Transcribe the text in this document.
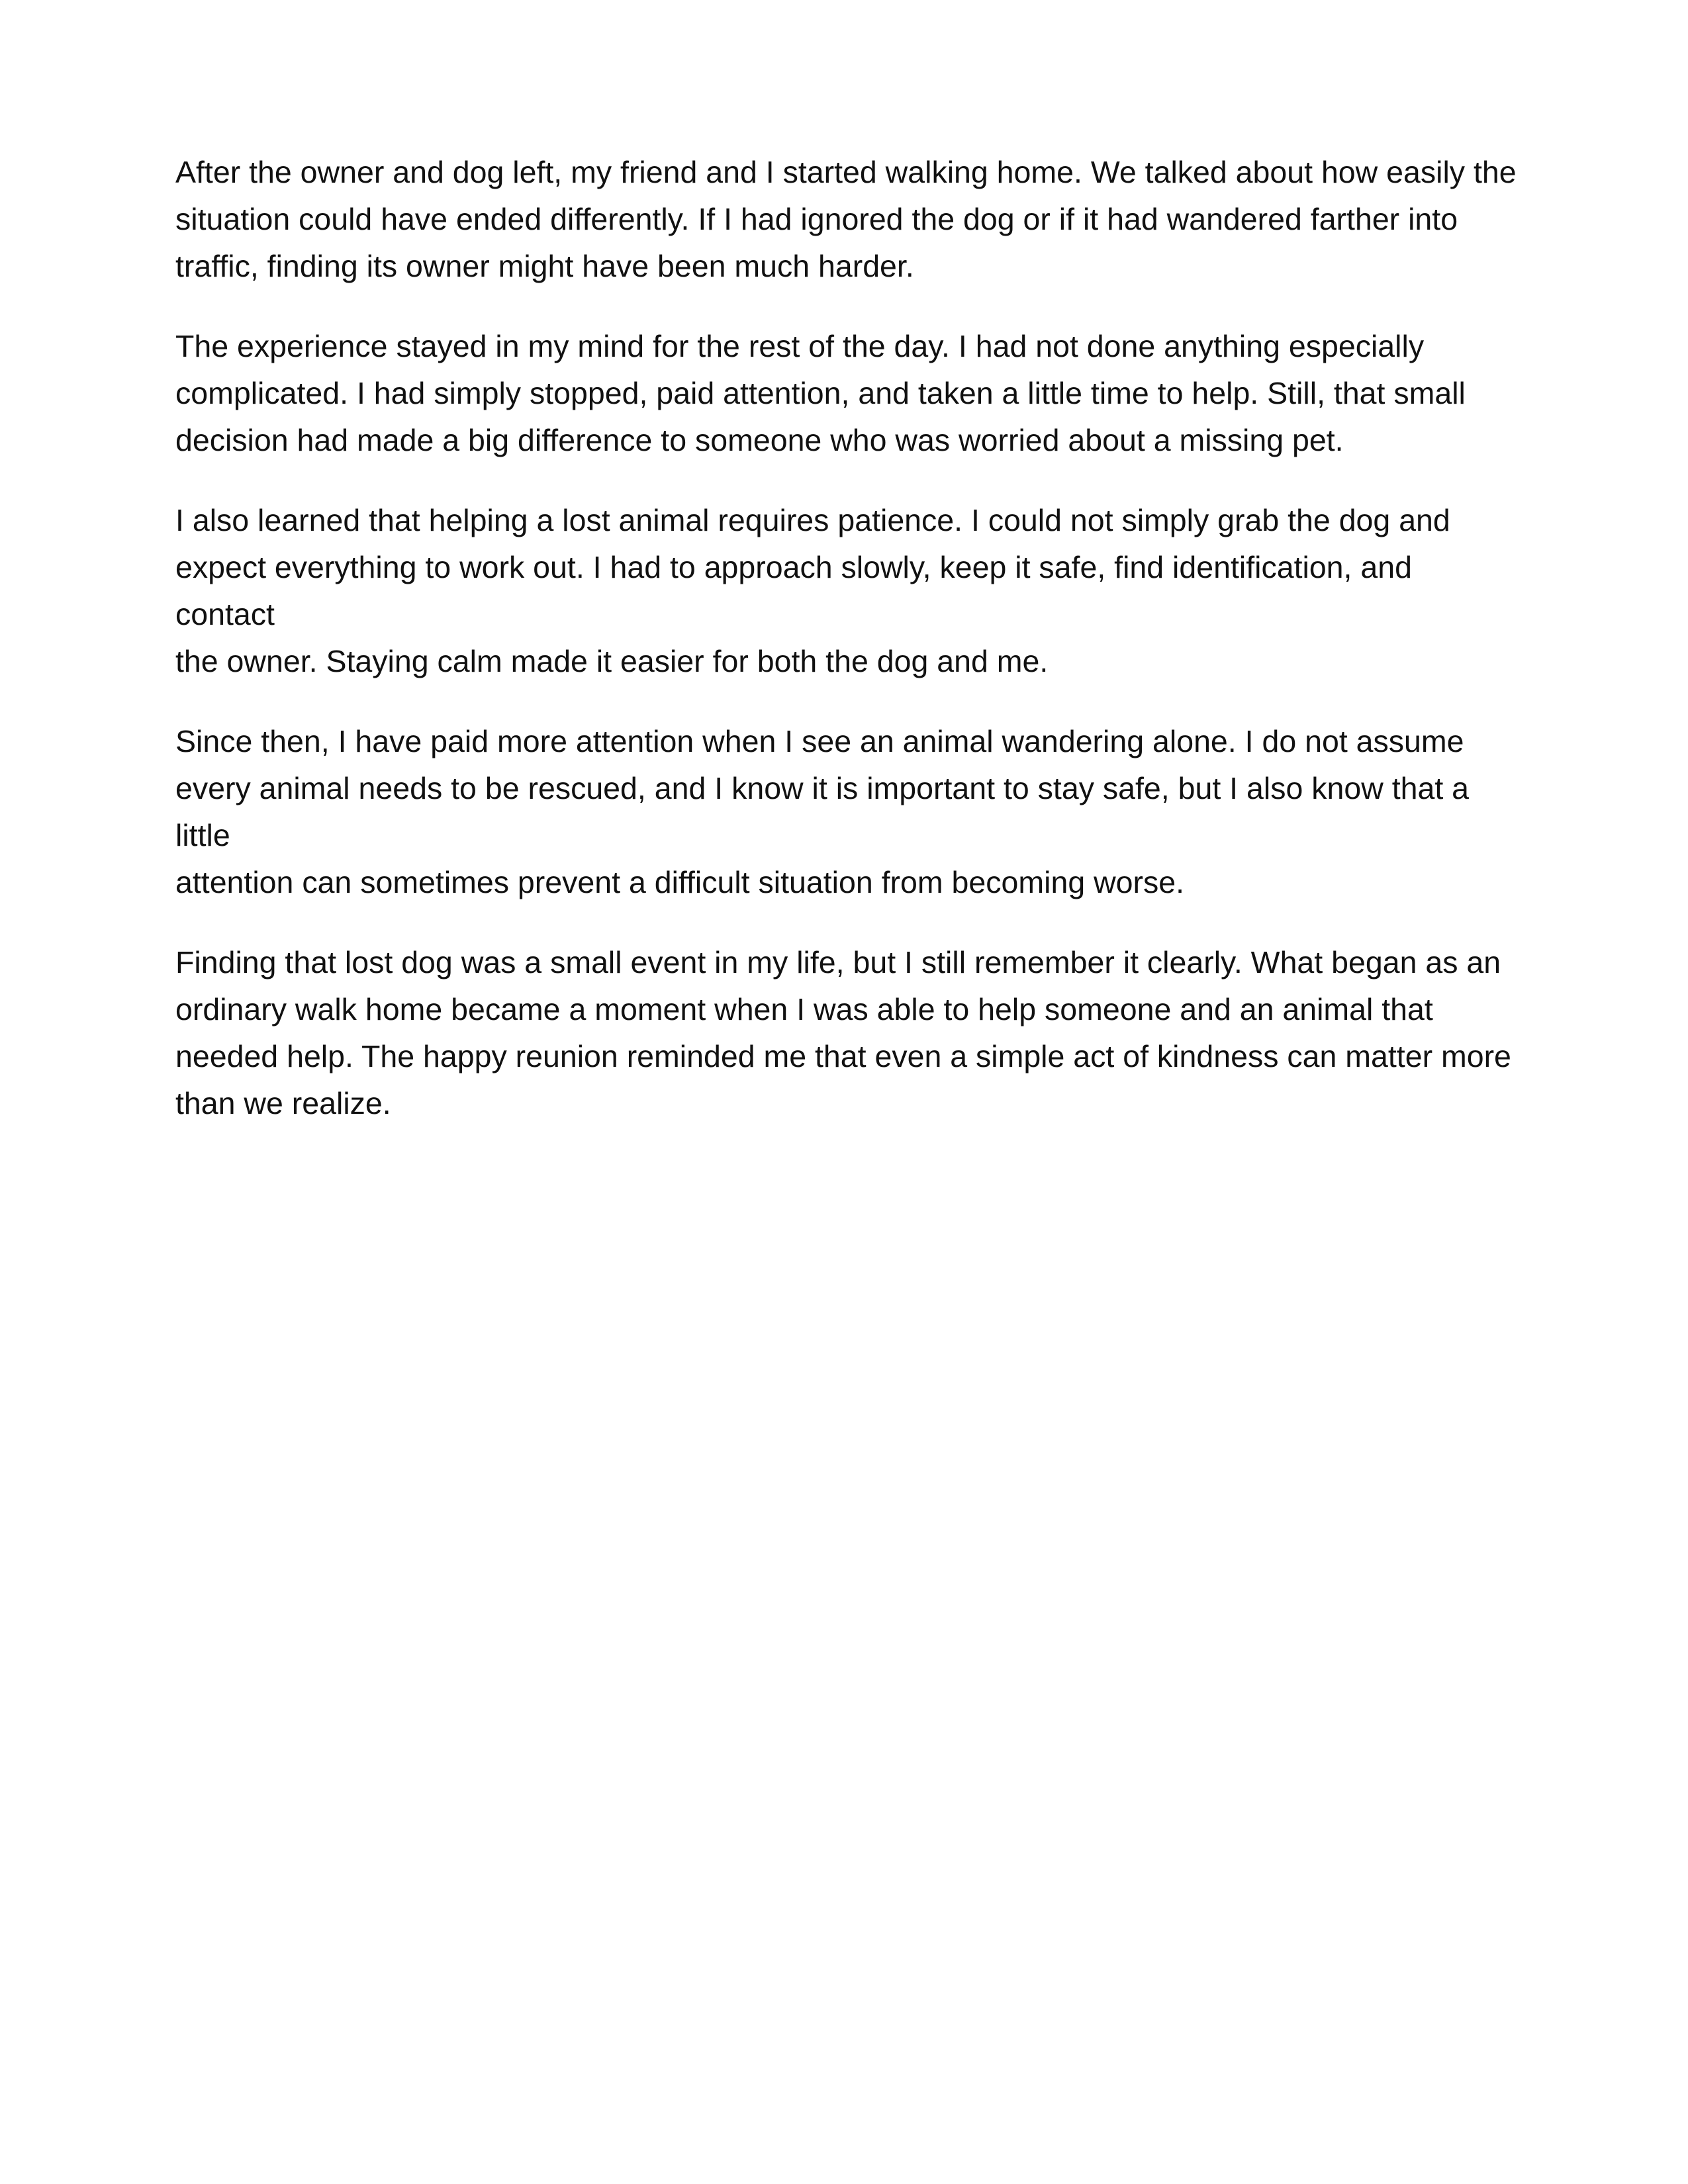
After the owner and dog left, my friend and I started walking home. We talked about how easily the
situation could have ended differently. If I had ignored the dog or if it had wandered farther into
traffic, finding its owner might have been much harder.

The experience stayed in my mind for the rest of the day. I had not done anything especially
complicated. I had simply stopped, paid attention, and taken a little time to help. Still, that small
decision had made a big difference to someone who was worried about a missing pet.

I also learned that helping a lost animal requires patience. I could not simply grab the dog and
expect everything to work out. I had to approach slowly, keep it safe, find identification, and contact
the owner. Staying calm made it easier for both the dog and me.

Since then, I have paid more attention when I see an animal wandering alone. I do not assume
every animal needs to be rescued, and I know it is important to stay safe, but I also know that a little
attention can sometimes prevent a difficult situation from becoming worse.

Finding that lost dog was a small event in my life, but I still remember it clearly. What began as an
ordinary walk home became a moment when I was able to help someone and an animal that
needed help. The happy reunion reminded me that even a simple act of kindness can matter more
than we realize.
